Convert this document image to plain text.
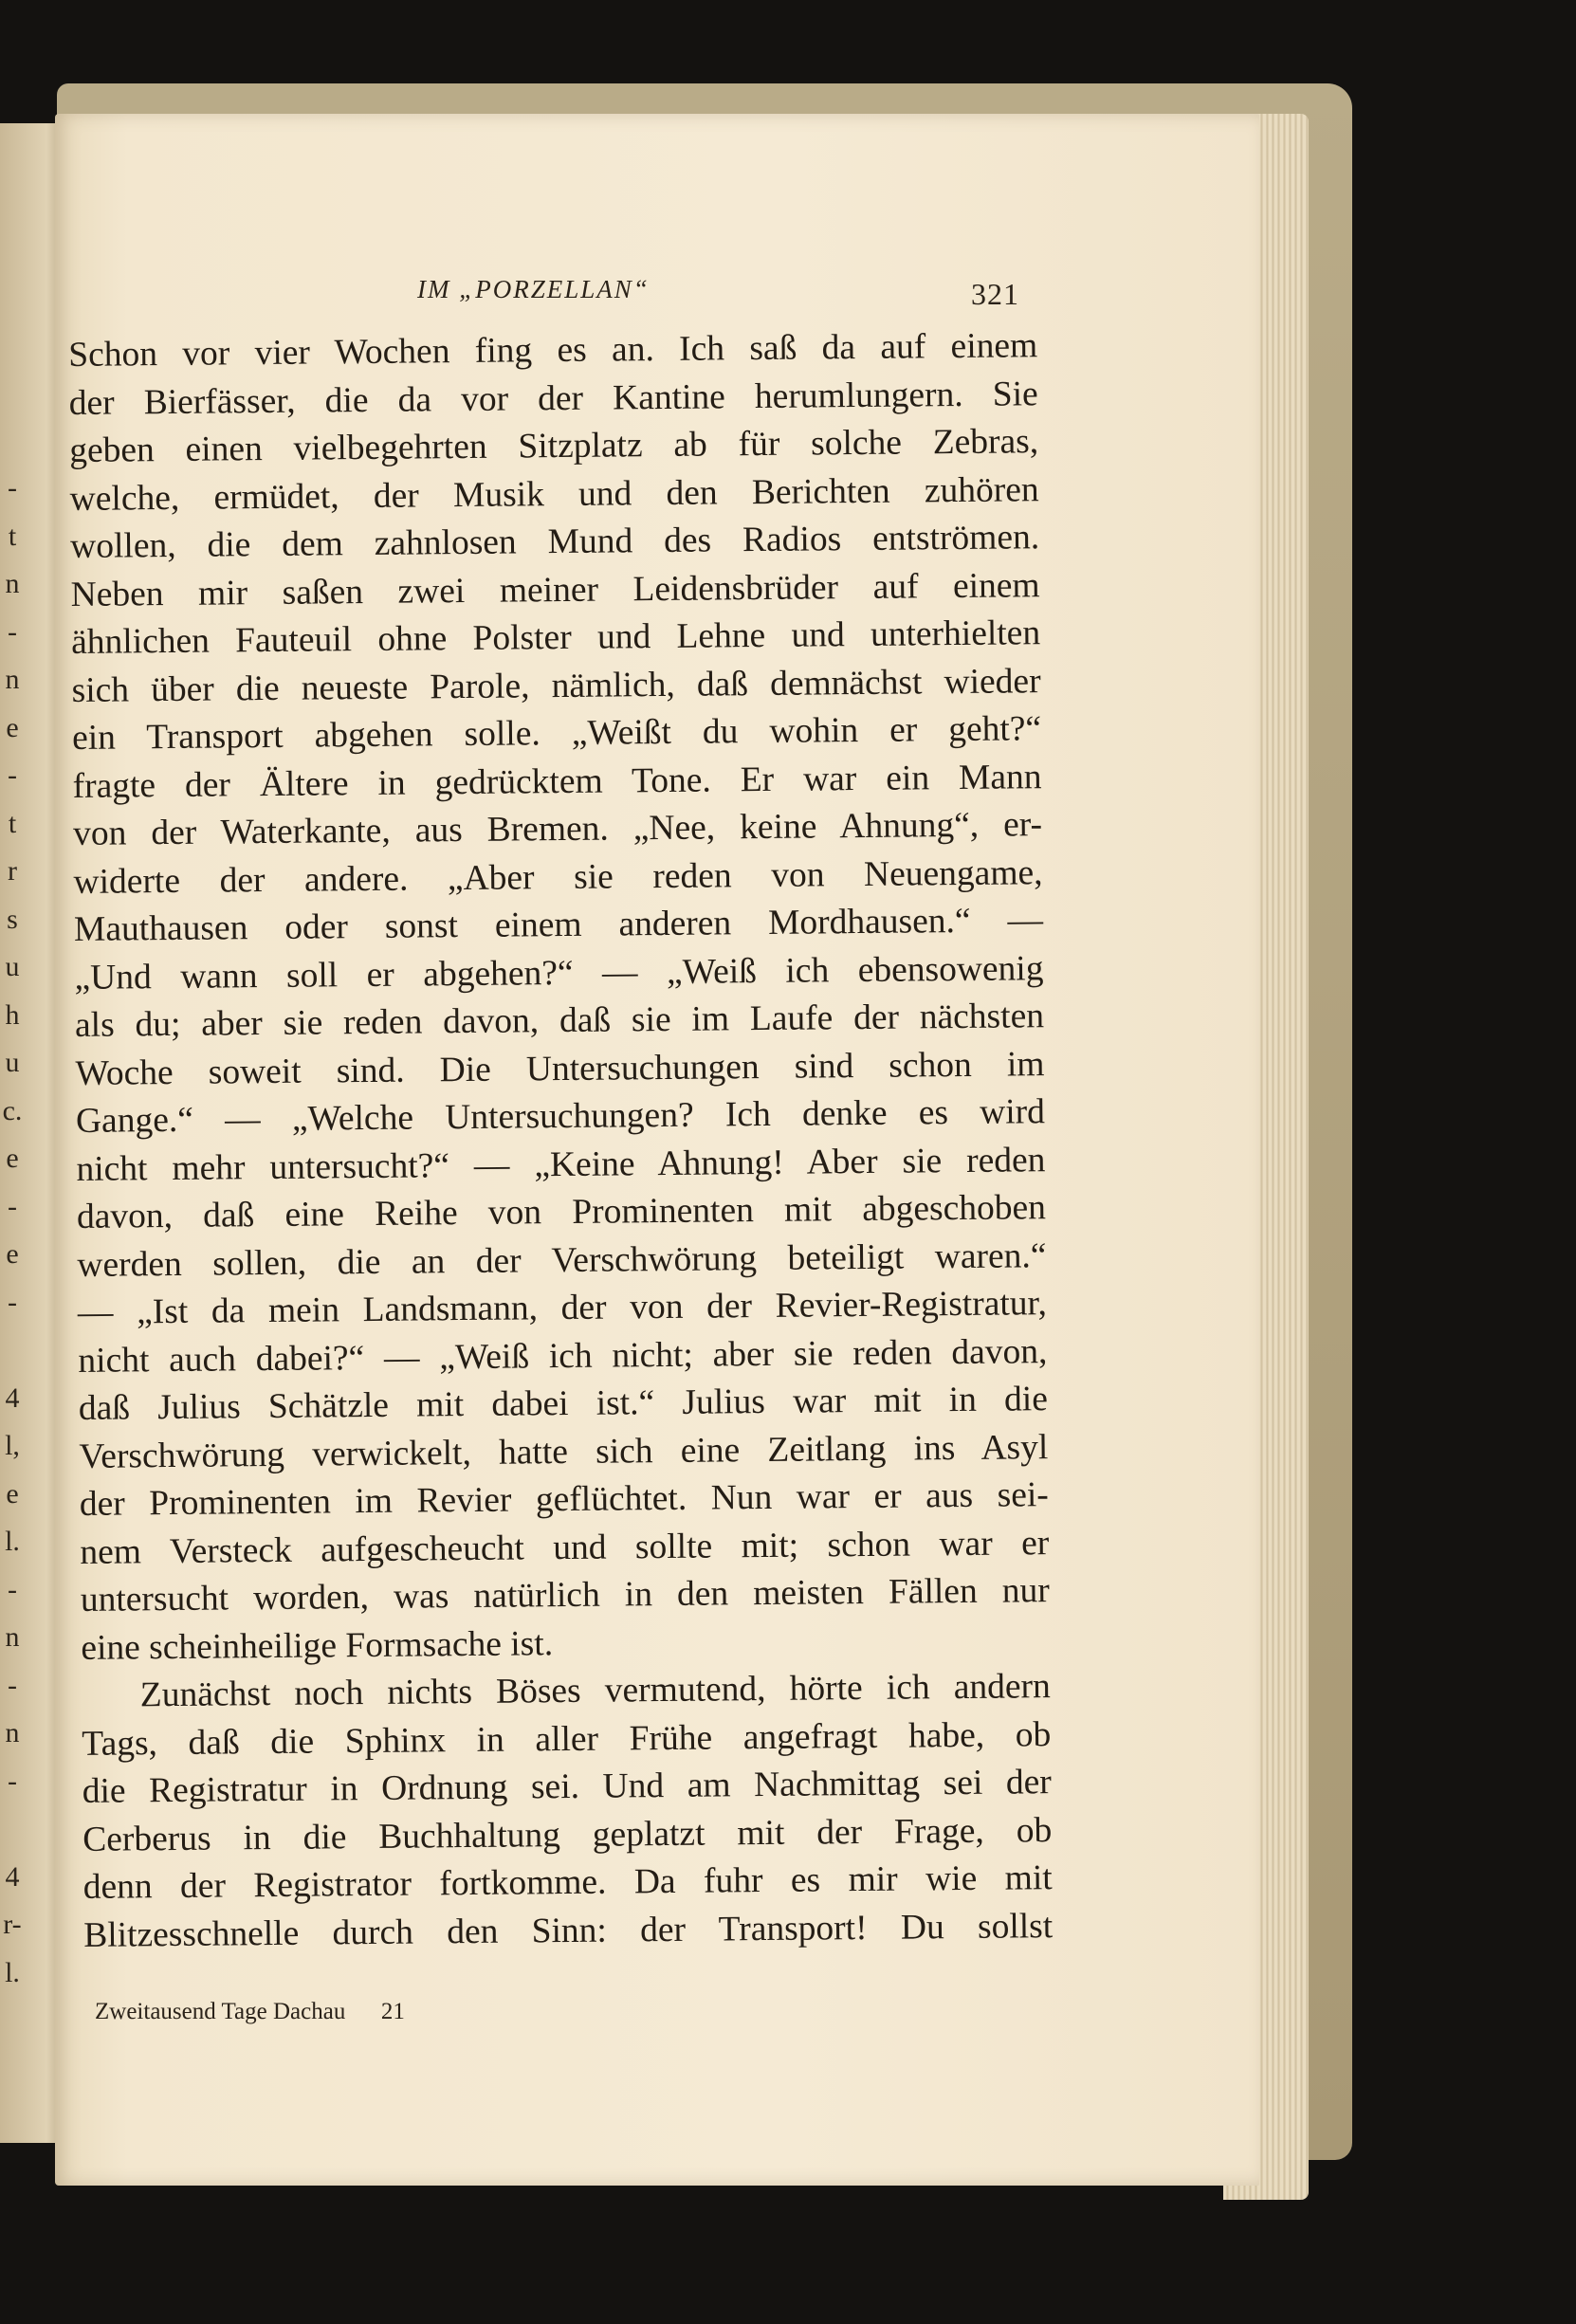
-
t
n
-
n
e
-
t
r
s
u
h
u
c.
e
-
e
-
4
l,
e
l.
-
n
-
n
-
4
r-
l.
IM „PORZELLAN“	321

Schon vor vier Wochen fing es an. Ich saß da auf einem

der Bierfässer, die da vor der Kantine herumlungern. Sie

geben einen vielbegehrten Sitzplatz ab für solche Zebras,

welche, ermüdet, der Musik und den Berichten zuhören

wollen, die dem zahnlosen Mund des Radios entströmen.

Neben mir saßen zwei meiner Leidensbrüder auf einem

ähnlichen Fauteuil ohne Polster und Lehne und unterhielten

sich über die neueste Parole, nämlich, daß demnächst wieder

ein Transport abgehen solle. „Weißt du wohin er geht?“

fragte der Ältere in gedrücktem Tone. Er war ein Mann

von der Waterkante, aus Bremen. „Nee, keine Ahnung“, er-

widerte der andere. „Aber sie reden von Neuengame,

Mauthausen oder sonst einem anderen Mordhausen.“ —

„Und wann soll er abgehen?“ — „Weiß ich ebensowenig

als du; aber sie reden davon, daß sie im Laufe der nächsten

Woche soweit sind. Die Untersuchungen sind schon im

Gange.“ — „Welche Untersuchungen? Ich denke es wird

nicht mehr untersucht?“ — „Keine Ahnung! Aber sie reden

davon, daß eine Reihe von Prominenten mit abgeschoben

werden sollen, die an der Verschwörung beteiligt waren.“

— „Ist da mein Landsmann, der von der Revier-Registratur,

nicht auch dabei?“ — „Weiß ich nicht; aber sie reden davon,

daß Julius Schätzle mit dabei ist.“ Julius war mit in die

Verschwörung verwickelt, hatte sich eine Zeitlang ins Asyl

der Prominenten im Revier geflüchtet. Nun war er aus sei-

nem Versteck aufgescheucht und sollte mit; schon war er

untersucht worden, was natürlich in den meisten Fällen nur

eine scheinheilige Formsache ist.

Zunächst noch nichts Böses vermutend, hörte ich andern

Tags, daß die Sphinx in aller Frühe angefragt habe, ob

die Registratur in Ordnung sei. Und am Nachmittag sei der

Cerberus in die Buchhaltung geplatzt mit der Frage, ob

denn der Registrator fortkomme. Da fuhr es mir wie mit

Blitzesschnelle durch den Sinn: der Transport! Du sollst

Zweitausend Tage Dachau 21
